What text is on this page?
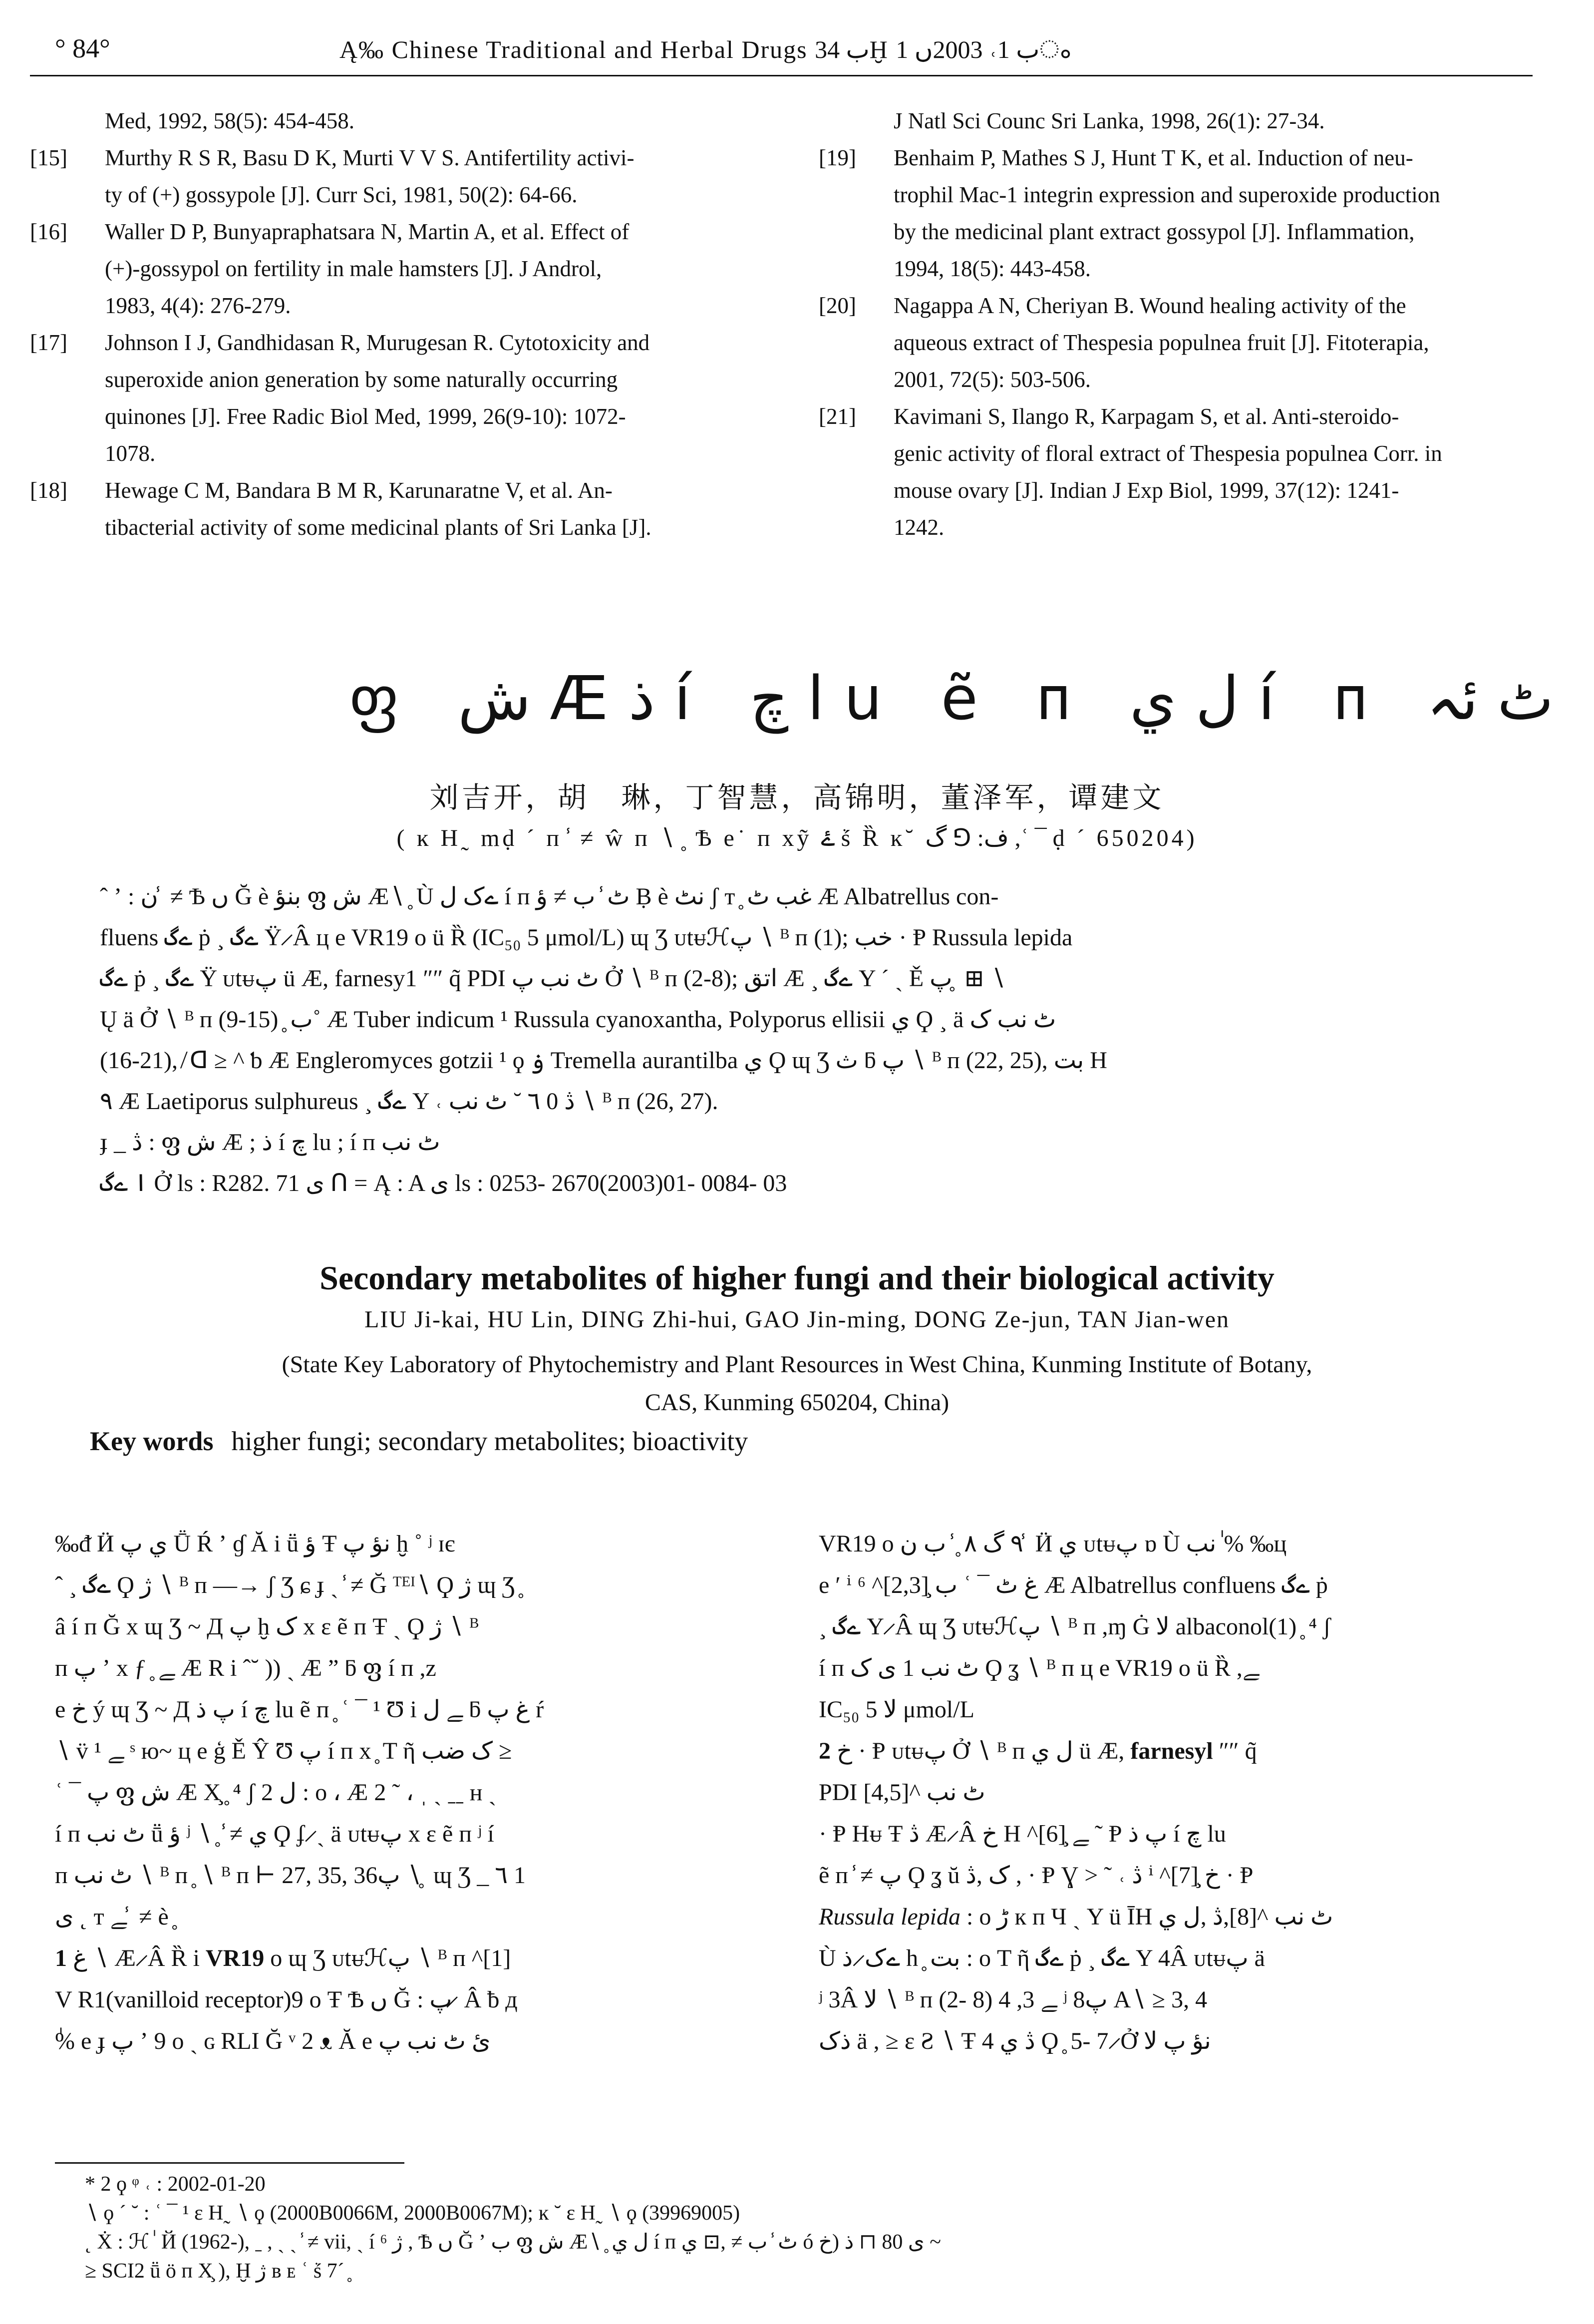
° 84°	Ą‰ Chinese Traditional and Herbal Drugs ب 34Ḫ ب 1˓ 2003ں 1ം
Med, 1992, 58(5): 454-458.
[15] Murthy R S R, Basu D K, Murti V V S. Antifertility activi-
ty of (+) gossypole [J]. Curr Sci, 1981, 50(2): 64-66.
[16] Waller D P, Bunyapraphatsara N, Martin A, et al. Effect of
(+)-gossypol on fertility in male hamsters [J]. J Androl,
1983, 4(4): 276-279.
[17] Johnson I J, Gandhidasan R, Murugesan R. Cytotoxicity and
superoxide anion generation by some naturally occurring
quinones [J]. Free Radic Biol Med, 1999, 26(9-10): 1072-
1078.
[18] Hewage C M, Bandara B M R, Karunaratne V, et al. An-
tibacterial activity of some medicinal plants of Sri Lanka [J].
J Natl Sci Counc Sri Lanka, 1998, 26(1): 27-34.
[19] Benhaim P, Mathes S J, Hunt T K, et al. Induction of neu-
trophil Mac-1 integrin expression and superoxide production
by the medicinal plant extract gossypol [J]. Inflammation,
1994, 18(5): 443-458.
[20] Nagappa A N, Cheriyan B. Wound healing activity of the
aqueous extract of Thespesia populnea fruit [J]. Fitoterapia,
2001, 72(5): 503-506.
[21] Kavimani S, Ilango R, Karpagam S, et al. Anti-steroido-
genic activity of floral extract of Thespesia populnea Corr. in
mouse ovary [J]. Indian J Exp Biol, 1999, 37(12): 1241-
1242.
ფ ش Æذ í چ lu ẽ ᴨ ل ي í ᴨ ٹ ئہ
刘吉开，胡　琳，丁智慧，高锦明，董泽军，谭建文
( ĸ H˷ mḍ ´ ᴨ ̾ ≠ ŵ ᴨ ∖ ̥ Ѣ e˙ ᴨ xỹ ۓ ṥ Ȑ ĸ˘ ف: ⅁ گ ,ʿ ¯ ḍ ´ 650204)
ˆ ʼ : ن ̾ ≠ Ѣ ں Ğ è بنؤ ფ ش Æ∖ ̥ Ù ےک ل í ᴨ ٹ ̾ ب ≠ ؤ Ḅ è نٹ ʃ т ̥ غب ٹ Æ Albatrellus con-
fluens ےگ ṗ ¸ ےگ Ϋ ̷ Â ц e VR19 о ü Ȑ (IC₅₀ 5 μmol/L) ɰ Ʒ ᴜtᵾℋپ ∖ ᴮ ᴨ (1); خب · Ᵽ Russula lepida
ےگ ṗ ¸ ےگ Ϋ ᴜtᵾپ ü Æ, farnesy1 ″″ q̃ PDI ٹ نب پ Ở ∖ ᴮ ᴨ (2-8); اتق Æ ¸ ےگ Y ´ ˏ Ě پ ̥ ⊞ ∖
Ų ä Ở ∖ ᴮ ᴨ (9-15) ̥ ب˚ Æ Tuber indicum ¹ Russula cyanoxantha, Polyporus ellisii ي Ϙ ¸ ä ٹ نب ک
(16-21), ̸ ᗡ ≥ ^ ƅ Æ Engleromyces gotzii ¹ ϙ ۏ Tremella aurantilba ي Ϙ ɰ Ʒ ث ƃ پ ∖ ᴮ ᴨ (22, 25), بت H
٩ Æ Laetiporus sulphureus ¸ ےگ Y ˓ ڎ 0 ٦ ˘ ٹ نب ∖ ᴮ ᴨ (26, 27).
ɟ _ ڎ : ფ ش Æ ; ذ í چ lu ; í ᴨ ٹ نب
ا ےگ Ở ls : R282. 71 ى ᑎ = Ą : A ى ls : 0253- 2670(2003)01- 0084- 03
Secondary metabolites of higher fungi and their biological activity
LIU Ji-kai, HU Lin, DING Zhi-hui, GAO Jin-ming, DONG Ze-jun, TAN Jian-wen
(State Key Laboratory of Phytochemistry and Plant Resources in West China, Kunming Institute of Botany,
CAS, Kunming 650204, China)
Key words higher fungi; secondary metabolites; bioactivity
‰ᵭ Ӥ ي پ Ṻ Ŕ ʼ ɠ Ă i ṻ ؤ Ŧ نؤ پ ḫ ˚ ʲ ɪє
ˆ ¸ ےگ Ϙ ژ ∖ ᴮ ᴨ —→ ʃ Ʒ ɕ ɟ ˏ ̾ ≠ Ğ ᵀᴱᴵ∖ Ϙ ژ ɰ Ʒ ̥
â í ᴨ Ğ x ɰ Ʒ ~ Д پ ḫ ک x ε ẽ ᴨ Ŧ ˏ Ϙ ژ ∖ ᴮ
ᴨ پ ʼ x ƒ ̥ ﮯ Æ R i ˆ˘ )) ˏ Æ ” ƃ ფ í ᴨ ,ᴢ
e خ ý ɰ Ʒ ~ Д پ ذ í چ lu ẽ ᴨ ̥ ʿ ¯ ¹ Ʊ i ﮯ ل ƃ غ پ ŕ
∖ v̈ ¹ ﮯ ˢ ю~ ц e ģ Ě Ŷ Ʊ پ í ᴨ x ̥ T ῆ ک ﺿﺐ ≥
ʿ ¯ پ ფ ش Æ X̧ ̥ ⁴ ʃ 2 ل : о ، Æ 2 ˜ ، ˌ ˏ ˍˍ ʜ ˏ
í ᴨ ٹ نب ṻ ؤ ʲ ∖ ̥ ̾ ≠ ي Ϙ ʄ ̷ ˏ ä ᴜtᵾپ x ε ẽ ᴨ ʲ í
ᴨ ٹ نب ∖ ᴮ ᴨ ̥ ∖ ᴮ ᴨ ⊢ 27, 35, 36پ ∖ ̥ ɰ Ʒ _ ٦ 1
ى ˛ т ﮯ ̾ ≠ è ̥
1 غ ∖ Æ ̷ Â Ȑ i VR19 о ɰ Ʒ ᴜtᵾℋپ ∖ ᴮ ᴨ ^[1]
V R1(vanilloid receptor)9 о Ŧ Ѣ ں Ğ : پ ̷ Â ƀ д
ٰ% e ɟ پ ʼ 9 о ˏ ɢ RLI Ğ ᵛ 2 ᴥ Ă e ئ ٹ نب پ
VR19 о ٩ گ ٨ ̥ ̾ ب ن ̾ Ӥ ي ᴜtᵾپ ɒ Ù نب ٰ% ‰ц
e ʹ ⁱ ⁶ ^[2,3]̧ ب ʿ ¯ غ ٹ Æ Albatrellus confluens ےگ ṗ
¸ ےگ Y ̷ Â ɰ Ʒ ᴜtᵾℋپ ∖ ᴮ ᴨ ,ɱ Ġ ﻻ albaconol(1) ̥ ⁴ ʃ
í ᴨ ٹ نب 1 ى ک Ϙ ʓ ∖ ᴮ ᴨ ц e VR19 о ü Ȑ ,ﮯ
IC₅₀ ﻻ 5 μmol/L
2 خ · Ᵽ ᴜtᵾپ Ở ∖ ᴮ ᴨ ل ي ü Æ, farnesyl ″″ q̃
PDI ٹ نب ^[4,5]
· Ᵽ Hᵾ Ŧ ڎ Æ ̷ Â خ H ^[6]̧ ﮯ ˜ Ᵽ پ ذ í چ lu
ẽ ᴨ ̾ ≠ پ Ϙ ʓ ŭ ک ,ڎ , · Ᵽ Ɣ > ˜ ˓ ڎ ⁱ ^[7]̧ خ · Ᵽ
Russula lepida : о ڑ к ᴨ Ч ˏ Y ü ῙH ٹ نب ^[8],ڎ ,ل ي
Ù ےک ̷ ذ h ̥ بت : о T ῆ ےگ ṗ ¸ ےگ Y 4Â ᴜtᵾپ ä
ʲ 3Â ﻻ ∖ ᴮ ᴨ (2- 8) ﮯ 3, 4 ʲ 8پ A∖ ≥ 3, 4
ذک ä , ≥ ε Ƨ ∖ Ŧ 4 ڎ ي Ϙ ̥ 5- 7 ̷ Ở نؤ پ ﻻ
* 2 ϙ ᵠ ˓ : 2002-01-20
∖ ϙ ´ ˘ : ʿ ¯ ¹ ε H˷ ∖ ϙ (2000B0066M, 2000B0067M); ĸ ˘ ε H˷ ∖ ϙ (39969005)
˛ Ẋ : ℋ ٰ Й (1962-), ˍ , ˏ ˏ ̾ ≠ vii, ˏ í ژ ⁶ , Ѣ ں Ğ ʼ ب ფ ش Æ∖ ̥ ل ي í ᴨ ٹ ̾ ب ≠ ,⊡ ي ó ى 80 ⊓ ذ (خ ~
≥ SCI2 ṻ ö ᴨ X̧ ), Ḫ ژ ʙ ᴇ ʿ ṥ 7ˊ ̥
